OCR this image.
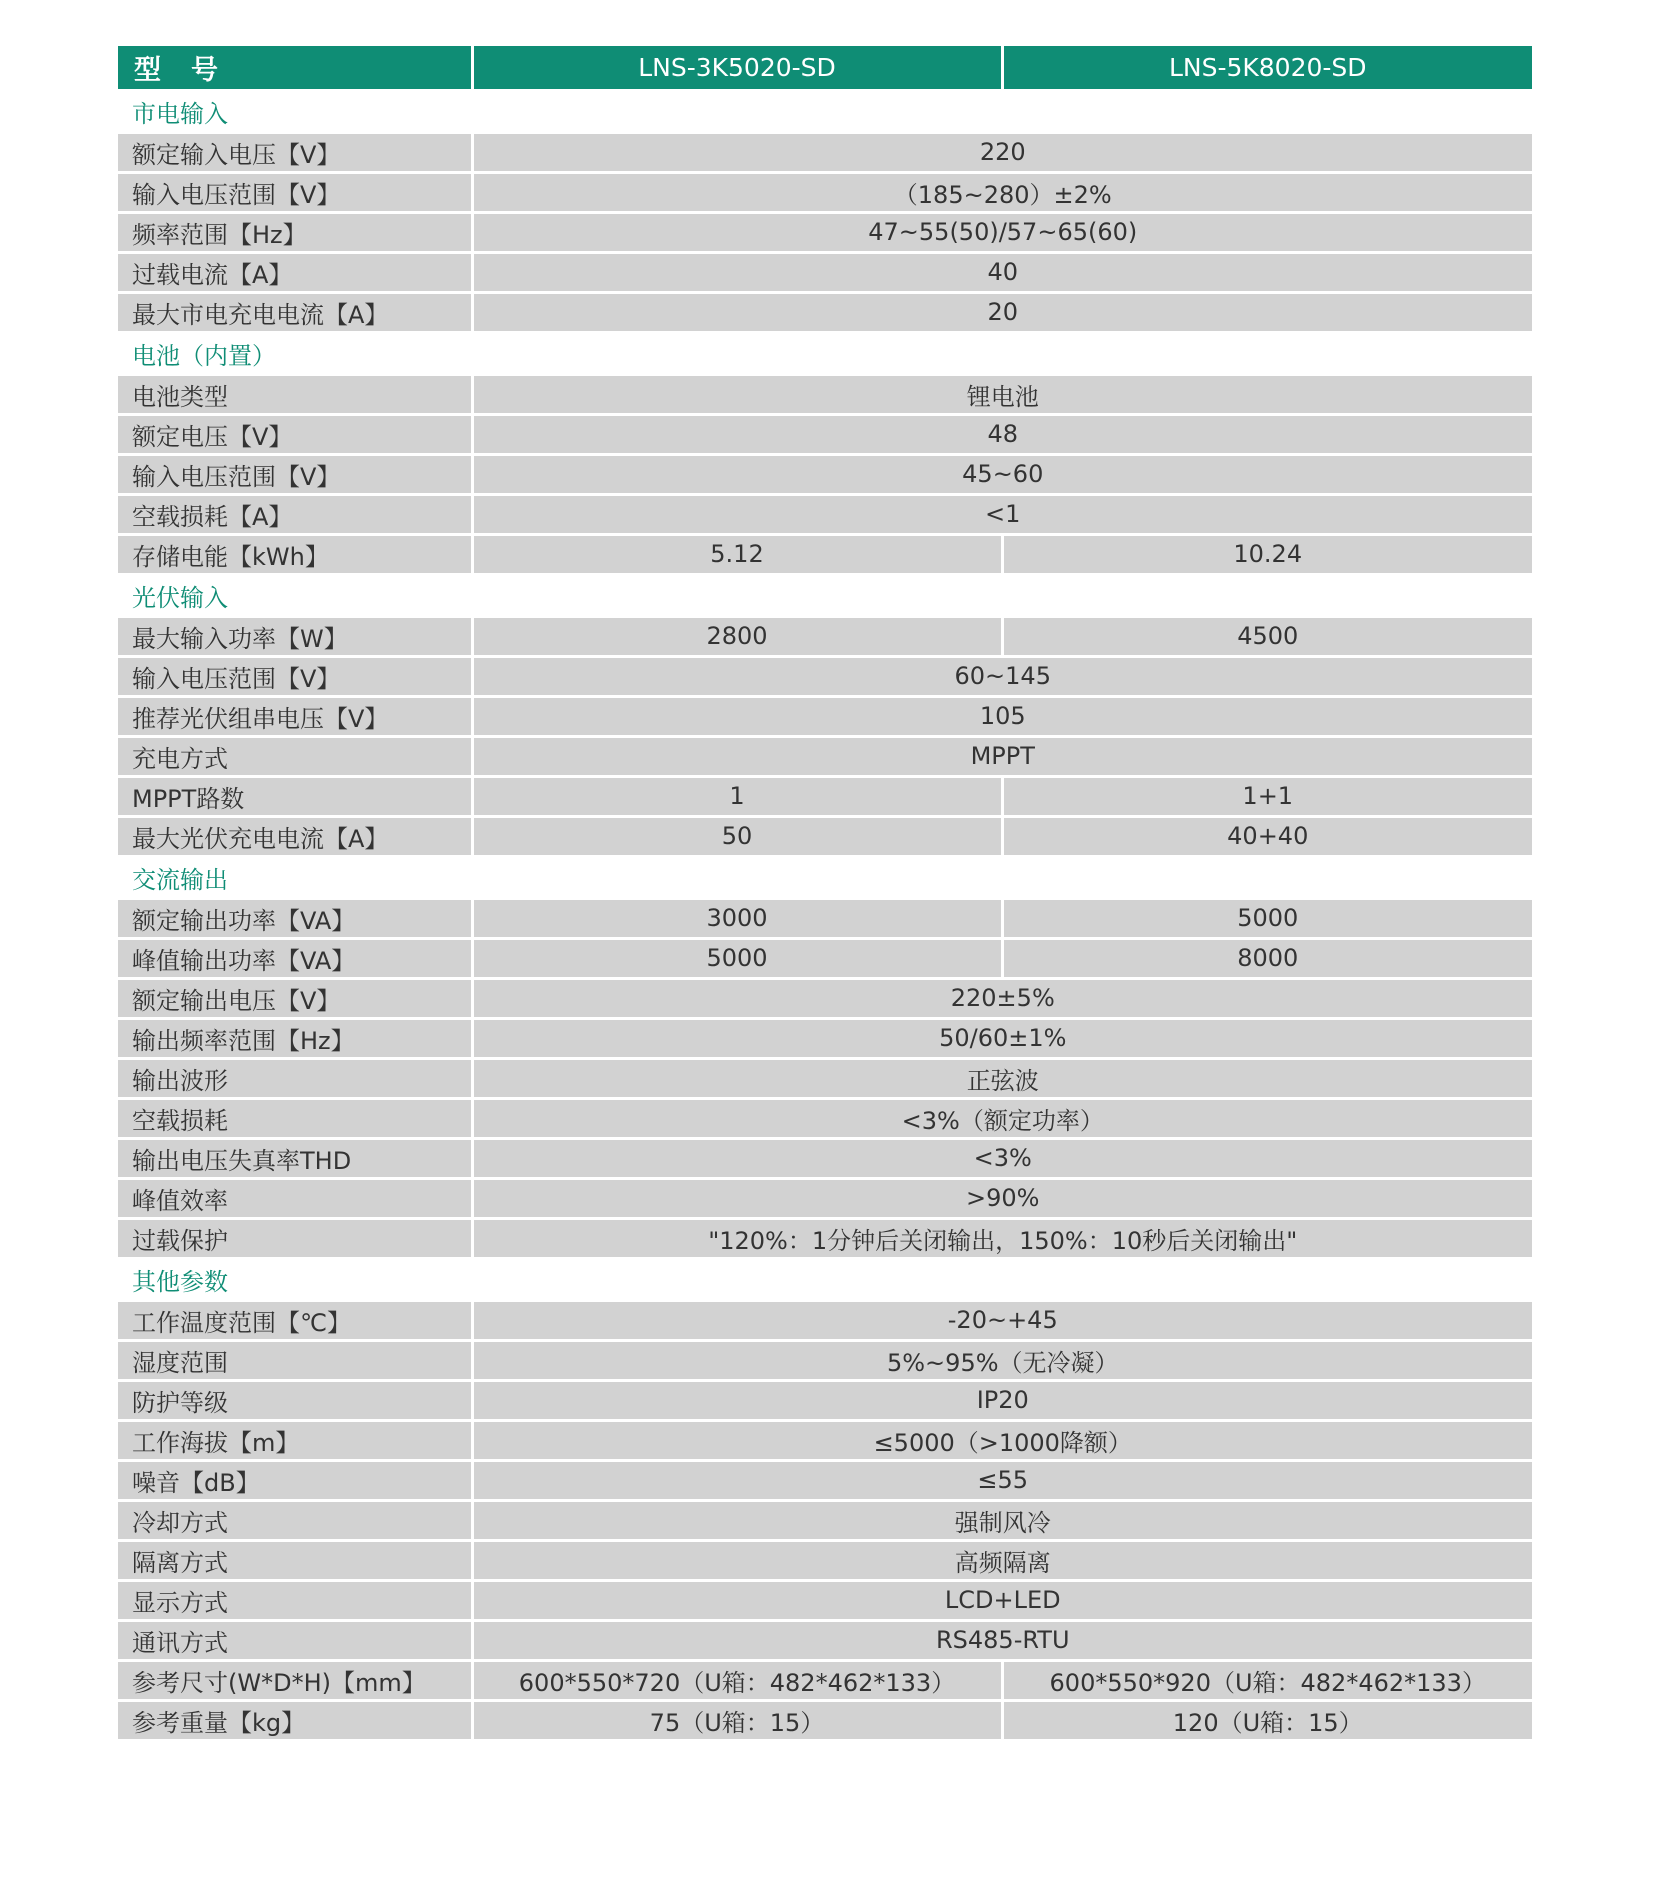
型号	LNS-3K5020-SD	LNS-5K8020-SD
市电输入		
额定输入电压【V】	220	
输入电压范围【V】	（185~280）±2%	
频率范围【Hz】	47~55(50)/57~65(60)	
过载电流【A】	40	
最大市电充电电流【A】	20	
电池（内置）		
电池类型	锂电池	
额定电压【V】	48	
输入电压范围【V】	45~60	
空载损耗【A】	<1	
存储电能【kWh】	5.12	10.24
光伏输入		
最大输入功率【W】	2800	4500
输入电压范围【V】	60~145	
推荐光伏组串电压【V】	105	
充电方式	MPPT	
MPPT路数	1	1+1
最大光伏充电电流【A】	50	40+40
交流输出		
额定输出功率【VA】	3000	5000
峰值输出功率【VA】	5000	8000
额定输出电压【V】	220±5%	
输出频率范围【Hz】	50/60±1%	
输出波形	正弦波	
空载损耗	<3%（额定功率）	
输出电压失真率THD	<3%	
峰值效率	>90%	
过载保护	"120%：1分钟后关闭输出，150%：10秒后关闭输出"	
其他参数		
工作温度范围【℃】	-20~+45	
湿度范围	5%~95%（无冷凝）	
防护等级	IP20	
工作海拔【m】	≤5000（>1000降额）	
噪音【dB】	≤55	
冷却方式	强制风冷	
隔离方式	高频隔离	
显示方式	LCD+LED	
通讯方式	RS485-RTU	
参考尺寸(W*D*H)【mm】	600*550*720（U箱：482*462*133）	600*550*920（U箱：482*462*133）
参考重量【kg】	75（U箱：15）	120（U箱：15）
